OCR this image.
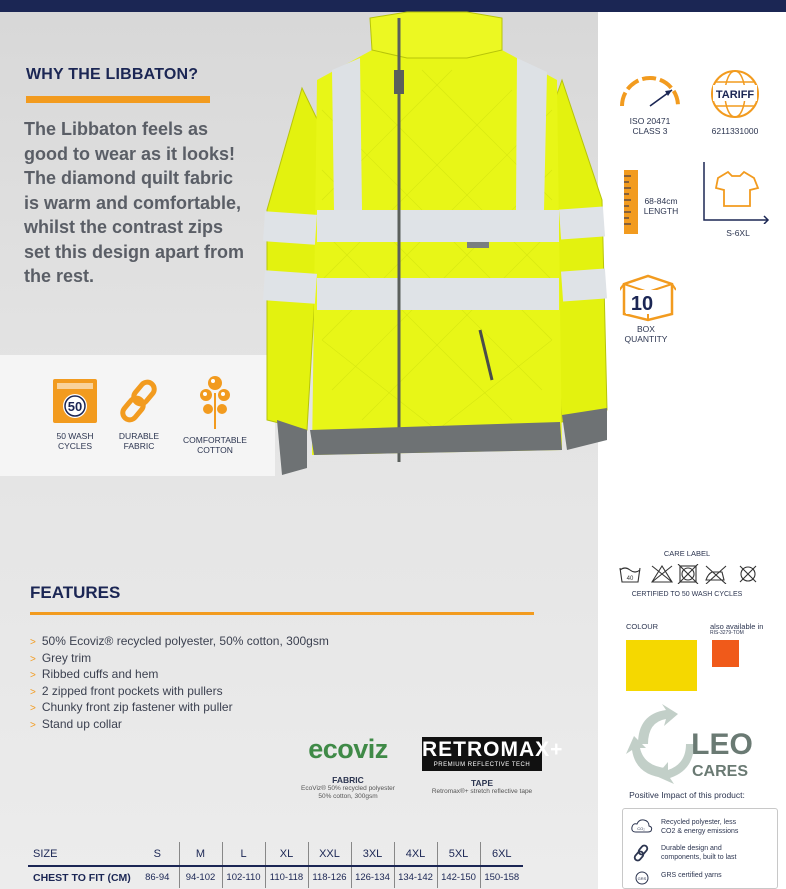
WHY THE LIBBATON?
The Libbaton feels as good to wear as it looks! The diamond quilt fabric is warm and comfortable, whilst the contrast zips set this design apart from the rest.
50
50 WASH
CYCLES
DURABLE
FABRIC
COMFORTABLE
COTTON
ISO 20471
CLASS 3
TARIFF
6211331000
68-84cm
LENGTH
S-6XL
10
BOX
QUANTITY
FEATURES
> 50% Ecoviz® recycled polyester, 50% cotton, 300gsm
> Grey trim
> Ribbed cuffs and hem
> 2 zipped front pockets with pullers
> Chunky front zip fastener with puller
> Stand up collar
ecoviz
FABRIC
EcoViz® 50% recycled polyester
50% cotton, 300gsm
RETROMAX+
PREMIUM REFLECTIVE TECH
TAPE
Retromax®+ stretch reflective tape
SIZE	S	M	L	XL	XXL	3XL	4XL	5XL	6XL
CHEST TO FIT (CM)	86-94	94-102	102-110	110-118	118-126	126-134	134-142	142-150	150-158
CARE LABEL
40
CERTIFIED TO 50 WASH CYCLES
COLOUR	also available in
RIS-3279-TOM
LEO
CARES
Positive Impact of this product:
CO₂
Recycled polyester, less
CO2 & energy emissions
Durable design and
components, built to last
GRS GRS certified yarns
